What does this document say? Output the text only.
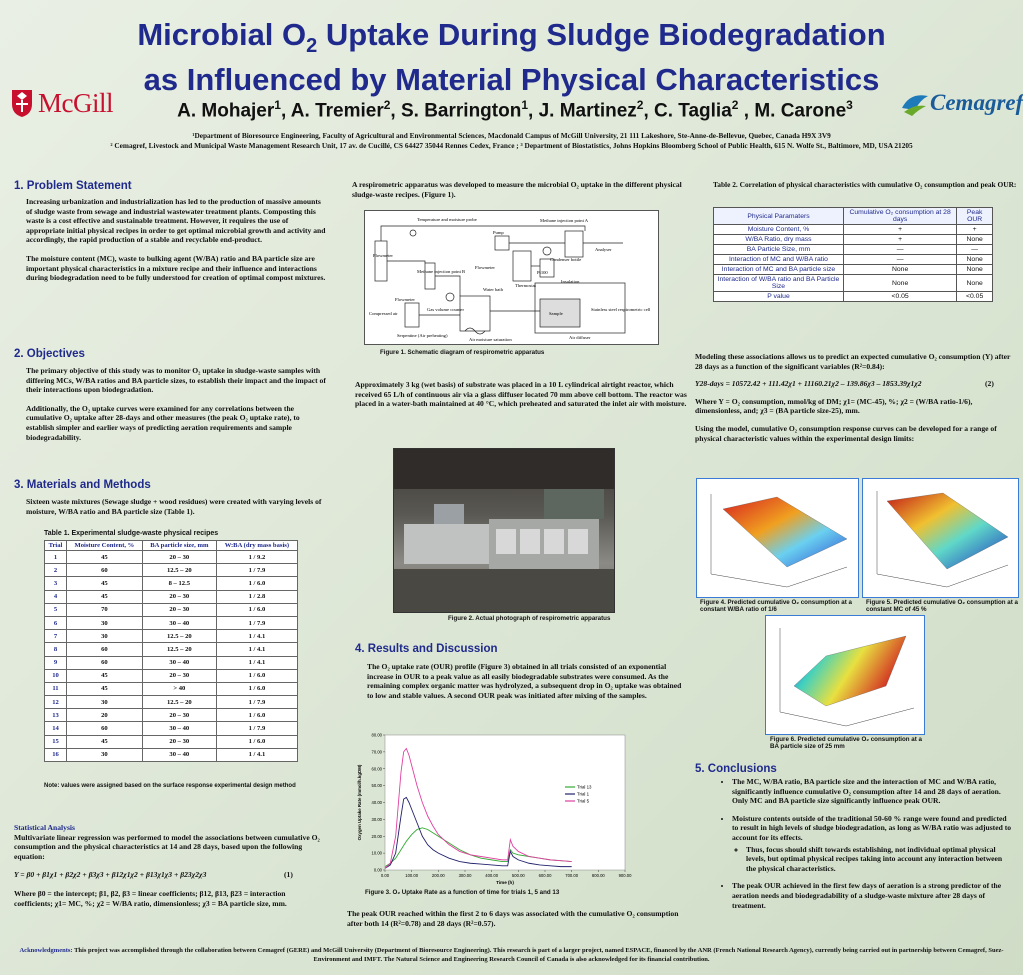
Microbial $O_2$ Uptake During Sludge Biodegradation
as Influenced by Material Physical Characteristics
McGill	Cemagref
A. Mohajer$^1$, A. Tremier$^2$, S. Barrington$^1$, J. Martinez$^2$, C. Taglia$^2$ , M. Carone$^3$
¹Department of Bioresource Engineering, Faculty of Agricultural and Environmental Sciences, Macdonald Campus of McGill University, 21 111 Lakeshore, Ste-Anne-de-Bellevue, Quebec, Canada H9X 3V9
² Cemagref, Livestock and Municipal Waste Management Research Unit, 17 av. de Cucillé, CS 64427 35044 Rennes Cedex, France ; ³ Department of Biostatistics, Johns Hopkins Bloomberg School of Public Health, 615 N. Wolfe St., Baltimore, MD, USA 21205
1. Problem Statement
Increasing urbanization and industrialization has led to the production of massive amounts of sludge waste from sewage and industrial wastewater treatment plants. Composting this waste is a cost effective and sustainable treatment. However, it requires the use of appropriate initial physical recipes in order to get optimal microbial growth and activity and accordingly, the rapid production of a stable and recyclable end-product.
The moisture content (MC), waste to bulking agent (W/BA) ratio and BA particle size are important physical characteristics in a mixture recipe and their influence and interactions during biodegradation need to be fully understood for creation of optimal compost mixtures.
2. Objectives
The primary objective of this study was to monitor O₂ uptake in sludge-waste samples with differing MCs, W/BA ratios and BA particle sizes, to establish their impact and the impact of their interactions upon biodegradation.
Additionally, the O₂ uptake curves were examined for any correlations between the cumulative O₂ uptake after 28-days and other measures (the peak O₂ uptake rate), to establish simpler and earlier ways of predicting aeration requirements and sample biodegradability.
3. Materials and Methods
Sixteen waste mixtures (Sewage sludge + wood residues) were created with varying levels of moisture, W/BA ratio and BA particle size (Table 1).
Table 1. Experimental sludge-waste physical recipes
Trial	Moisture Content, %	BA particle size, mm	W:BA (dry mass basis)
1	45	20 – 30	1 / 9.2
2	60	12.5 – 20	1 / 7.9
3	45	8 – 12.5	1 / 6.0
4	45	20 – 30	1 / 2.8
5	70	20 – 30	1 / 6.0
6	30	30 – 40	1 / 7.9
7	30	12.5 – 20	1 / 4.1
8	60	12.5 – 20	1 / 4.1
9	60	30 – 40	1 / 4.1
10	45	20 – 30	1 / 6.0
11	45	> 40	1 / 6.0
12	30	12.5 – 20	1 / 7.9
13	20	20 – 30	1 / 6.0
14	60	30 – 40	1 / 7.9
15	45	20 – 30	1 / 6.0
16	30	30 – 40	1 / 4.1
Note: values were assigned based on the surface response experimental design method
Statistical Analysis
Multivariate linear regression was performed to model the associations between cumulative O₂ consumption and the physical characteristics at 14 and 28 days, based upon the following equation:
Y = β0 + β1χ1 + β2χ2 + β3χ3 + β12χ1χ2 + β13χ1χ3 + β23χ2χ3	(1)
Where β0 = the intercept; β1, β2, β3 = linear coefficients; β12, β13, β23 = interaction coefficients; χ1= MC, %; χ2 = W/BA ratio, dimensionless; χ3 = BA particle size, mm.
A respirometric apparatus was developed to measure the microbial O₂ uptake in the different physical sludge-waste recipes. (Figure 1).
Temperature and moisture probe	Methane injection point A
Pump
Analyser
Condenser bottle
Flowmeter
Methane injection point B
Flowmeter
Pt100
Thermostat
Insulation
Water bath
Flowmeter
Compressed air
Gas volume counter
Sample
Stainless steel respirometric cell
Serpentine (Air preheating)
Air moisture saturation	Air diffuser
Figure 1. Schematic diagram of respirometric apparatus
Approximately 3 kg (wet basis) of substrate was placed in a 10 L cylindrical airtight reactor, which received 65 L/h of continuous air via a glass diffuser located 70 mm above cell bottom. The reactor was placed in a water-bath maintained at 40 °C, which preheated and saturated the inlet air with moisture.
Figure 2. Actual photograph of respirometric apparatus
4. Results and Discussion
The O₂ uptake rate (OUR) profile (Figure 3) obtained in all trials consisted of an exponential increase in OUR to a peak value as all easily biodegradable substrates were consumed. As the remaining complex organic matter was hydrolyzed, a subsequent drop in O₂ uptake was obtained to low and stable values. A second OUR peak was initiated after mixing of the samples.
0.00
10.00
20.00
30.00
40.00
50.00
60.00
70.00
80.00
0.00	100.00	200.00	300.00	400.00	500.00	600.00	700.00	800.00	900.00
Time (h)
Oxygen Uptake Rate (mmol/h.kgDM)	Trial 13
Trial 1
Trial 5
Figure 3. O₂ Uptake Rate as a function of time for trials 1, 5 and 13
The peak OUR reached within the first 2 to 6 days was associated with the cumulative O₂ consumption after both 14 (R²=0.78) and 28 days (R²=0.57).
Table 2. Correlation of physical characteristics with cumulative O₂ consumption and peak OUR:
Physical Paramaters	Cumulative O₂ consumption at 28 days	Peak OUR
Moisture Content, %	+	+
W/BA Ratio, dry mass	+	None
BA Particle Size, mm	—	—
Interaction of MC and W/BA ratio	—	None
Interaction of MC and BA particle size	None	None
Interaction of W/BA ratio and BA Particle Size	None	None
P value	<0.05	<0.05
Modeling these associations allows us to predict an expected cumulative O₂ consumption (Y) after 28 days as a function of the significant variables (R²=0.84):
Y28-days = 10572.42 + 111.42χ1 + 11160.21χ2 – 139.86χ3 – 1853.39χ1χ2	(2)
Where Y = O₂ consumption, mmol/kg of DM; χ1= (MC-45), %; χ2 = (W/BA ratio-1/6), dimensionless, and; χ3 = (BA particle size-25), mm.
Using the model, cumulative O₂ consumption response curves can be developed for a range of physical characteristic values within the experimental design limits:
Figure 4. Predicted cumulative O₂ consumption at a constant W/BA ratio of 1/6
Figure 5. Predicted cumulative O₂ consumption at a constant MC of 45 %
Figure 6. Predicted cumulative O₂ consumption at a BA particle size of 25 mm
5. Conclusions
• The MC, W/BA ratio, BA particle size and the interaction of MC and W/BA ratio, significantly influence cumulative O₂ consumption after 14 and 28 days of aeration. Only MC and BA particle size significantly influence peak OUR.
• Moisture contents outside of the traditional 50-60 % range were found and predicted to result in high levels of sludge biodegradation, as long as W/BA ratio was adjusted to account for its effects.
◦ Thus, focus should shift towards establishing, not individual optimal physical levels, but optimal physical recipes taking into account any interaction between the physical characteristics.
• The peak OUR achieved in the first few days of aeration is a strong predictor of the aeration needs and biodegradability of a sludge-waste mixture after 28 days of treatment.
Acknowledgments: This project was accomplished through the collaboration between Cemagref (GERE) and McGill University (Department of Bioresource Engineering). This research is part of a larger project, named ESPACE, financed by the ANR (French National Research Agency), currently being carried out in partnership between Cemagref, Suez-Environment and IMFT. The Natural Science and Engineering Research Council of Canada is also acknowledged for its financial contribution.
